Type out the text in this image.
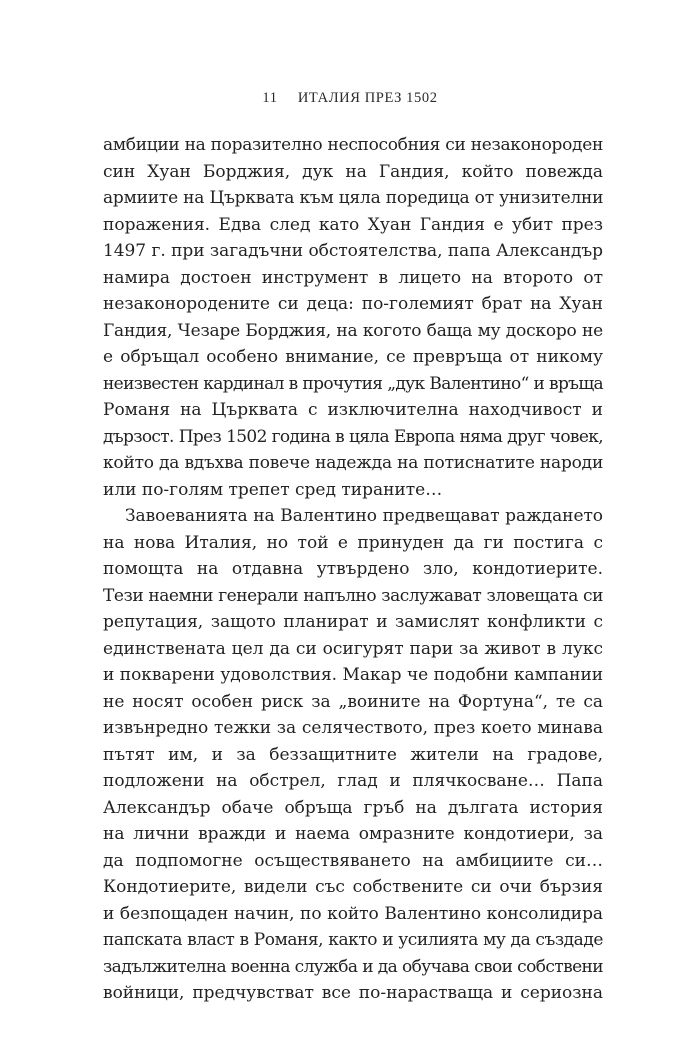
11 ИТАЛИЯ ПРЕЗ 1502
амбиции на поразително неспособния си незаконороден
син Хуан Борджия, дук на Гандия, който повежда
армиите на Църквата към цяла поредица от унизителни
поражения. Едва след като Хуан Гандия е убит през
1497 г. при загадъчни обстоятелства, папа Александър
намира достоен инструмент в лицето на второто от
незаконородените си деца: по-големият брат на Хуан
Гандия, Чезаре Борджия, на когото баща му доскоро не
е обръщал особено внимание, се превръща от никому
неизвестен кардинал в прочутия „дук Валентино“ и връща
Романя на Църквата с изключителна находчивост и
дързост. През 1502 година в цяла Европа няма друг човек,
който да вдъхва повече надежда на потиснатите народи
или по-голям трепет сред тираните…
Завоеванията на Валентино предвещават раждането
на нова Италия, но той е принуден да ги постига с
помощта на отдавна утвърдено зло, кондотиерите.
Тези наемни генерали напълно заслужават зловещата си
репутация, защото планират и замислят конфликти с
единствената цел да си осигурят пари за живот в лукс
и покварени удоволствия. Макар че подобни кампании
не носят особен риск за „воините на Фортуна“, те са
извънредно тежки за селячеството, през което минава
пътят им, и за беззащитните жители на градове,
подложени на обстрел, глад и плячкосване… Папа
Александър обаче обръща гръб на дългата история
на лични вражди и наема омразните кондотиери, за
да подпомогне осъществяването на амбициите си…
Кондотиерите, видели със собствените си очи бързия
и безпощаден начин, по който Валентино консолидира
папската власт в Романя, както и усилията му да създаде
задължителна военна служба и да обучава свои собствени
войници, предчувстват все по-нарастваща и сериозна
